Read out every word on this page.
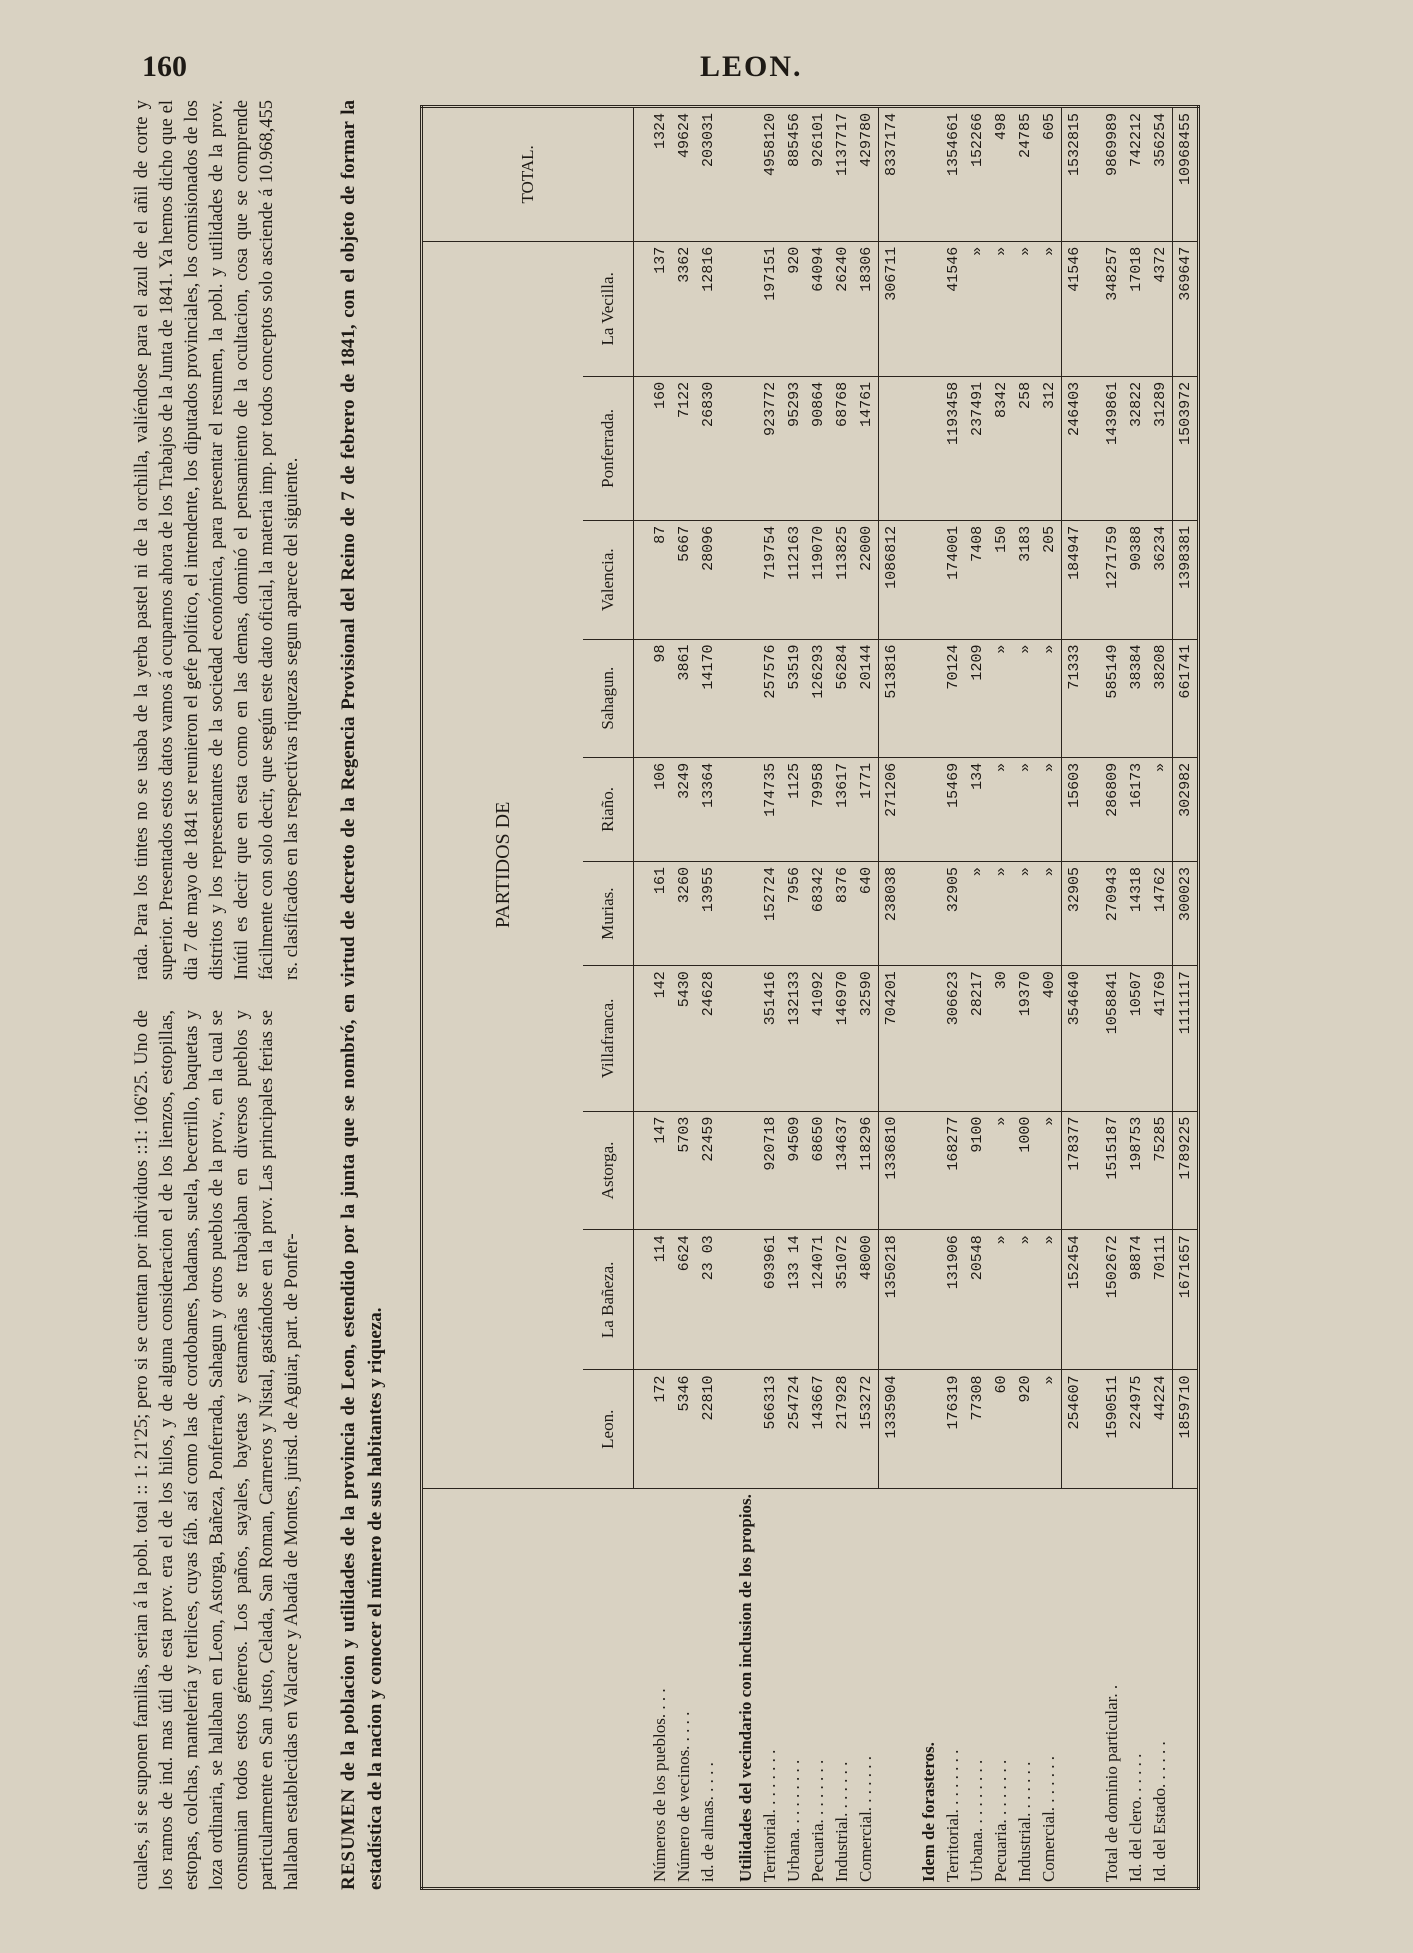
160	LEON.
cuales, si se suponen familias, serian á la pobl. total :: 1: 21'25; pero si se cuentan por individuos ::1: 106'25. Uno de los ramos de ind. mas útil de esta prov. era el de los hilos, y de alguna consideracion el de los lienzos, estopillas, estopas, colchas, mantelería y terlices, cuyas fáb. así como las de cordobanes, badanas, suela, becerrillo, baquetas y loza ordinaria, se hallaban en Leon, Astorga, Bañeza, Ponferrada, Sahagun y otros pueblos de la prov., en la cual se consumian todos estos géneros. Los paños, sayales, bayetas y estameñas se trabajaban en diversos pueblos y particularmente en San Justo, Celada, San Roman, Carneros y Nistal, gastándose en la prov. Las principales ferias se hallaban establecidas en Valcarce y Abadía de Montes, jurisd. de Aguiar, part. de Ponfer-
rada. Para los tintes no se usaba de la yerba pastel ni de la orchilla, valiéndose para el azul de el añil de corte y superior. Presentados estos datos vamos á ocuparnos ahora de los Trabajos de la Junta de 1841. Ya hemos dicho que el dia 7 de mayo de 1841 se reunieron el gefe político, el intendente, los diputados provinciales, los comisionados de los distritos y los representantes de la sociedad económica, para presentar el resumen, la pobl. y utilidades de la prov. Inútil es decir que en esta como en las demas, dominó el pensamiento de la ocultacion, cosa que se comprende fácilmente con solo decir, que según este dato oficial, la materia imp. por todos conceptos solo asciende á 10.968,455 rs. clasificados en las respectivas riquezas segun aparece del siguiente.
RESUMEN de la poblacion y utilidades de la provincia de Leon, estendido por la junta que se nombró, en virtud de decreto de la Regencia Provisional del Reino de 7 de febrero de 1841, con el objeto de formar la estadística de la nacion y conocer el número de sus habitantes y riqueza.
	PARTIDOS DE										TOTAL.
	Leon.	La Bañeza.	Astorga.	Villafranca.	Murias.	Riaño.	Sahagun.	Valencia.	Ponferrada.	La Vecilla.	

Números de los pueblos. . . .	172	114	147	142	161	106	98	87	160	137	1324
Número de vecinos. . . . .	5346	6624	5703	5430	3260	3249	3861	5667	7122	3362	49624
id. de almas. . . . .	22810	23 03	22459	24628	13955	13364	14170	28096	26830	12816	203031

Utilidades del vecindario con inclusion de los propios.											
Territorial. . . . . . . .	566313	693961	920718	351416	152724	174735	257576	719754	923772	197151	4958120
Urbana. . . . . . . . .	254724	133 14	94509	132133	7956	1125	53519	112163	95293	920	885456
Pecuaria. . . . . . . .	143667	124071	68650	41092	68342	79958	126293	119070	90864	64094	926101
Industrial. . . . . . .	217928	351072	134637	146970	8376	13617	56284	113825	68768	26240	1137717
Comercial. . . . . . .	153272	48000	118296	32590	640	1771	20144	22000	14761	18306	429780
	1335904	1350218	1336810	704201	238038	271206	513816	1086812		306711	8337174

Idem de forasteros.											
Territorial. . . . . . . .	176319	131906	168277	306623	32905	15469	70124	174001	1193458	41546	1354661
Urbana. . . . . . . . .	77308	20548	9100	28217	»	134	1209	7408	237491	»	152266
Pecuaria. . . . . . . .	60	»	»	30	»	»	»	150	8342	»	498
Industrial. . . . . . .	920	»	1000	19370	»	»	»	3183	258	»	24785
Comercial. . . . . . .	»	»	»	400	»	»	»	205	312	»	605
	254607	152454	178377	354640	32905	15603	71333	184947	246403	41546	1532815

Total de dominio particular. .	1590511	1502672	1515187	1058841	270943	286809	585149	1271759	1439861	348257	9869989
Id. del clero. . . . . .	224975	98874	198753	10507	14318	16173	38384	90388	32822	17018	742212
Id. del Estado. . . . . .	44224	70111	75285	41769	14762	»	38208	36234	31289	4372	356254
	1859710	1671657	1789225	1111117	300023	302982	661741	1398381	1503972	369647	10968455
